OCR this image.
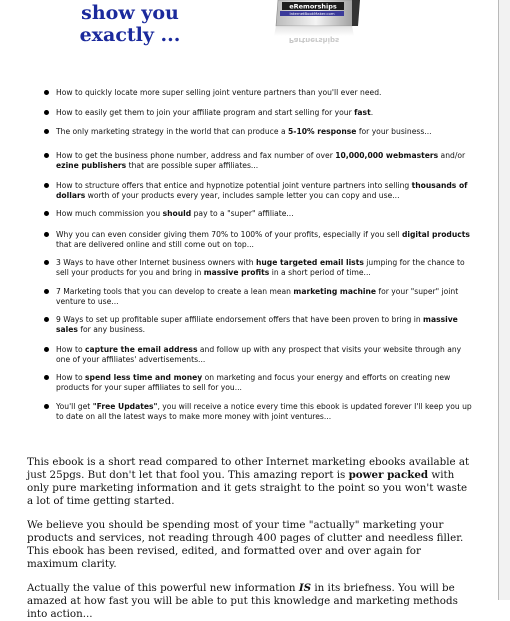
show you
exactly ...
eRemorships
InternetBookMaker.com
Partnerships
How to quickly locate more super selling joint venture partners than you'll ever need.
How to easily get them to join your affiliate program and start selling for your fast.
The only marketing strategy in the world that can produce a 5-10% response for your business...
How to get the business phone number, address and fax number of over 10,000,000 webmasters and/or ezine publishers that are possible super affiliates...
How to structure offers that entice and hypnotize potential joint venture partners into selling thousands of dollars worth of your products every year, includes sample letter you can copy and use...
How much commission you should pay to a "super" affiliate...
Why you can even consider giving them 70% to 100% of your profits, especially if you sell digital products that are delivered online and still come out on top...
3 Ways to have other Internet business owners with huge targeted email lists jumping for the chance to sell your products for you and bring in massive profits in a short period of time...
7 Marketing tools that you can develop to create a lean mean marketing machine for your "super" joint venture to use...
9 Ways to set up profitable super affiliate endorsement offers that have been proven to bring in massive sales for any business.
How to capture the email address and follow up with any prospect that visits your website through any one of your affiliates' advertisements...
How to spend less time and money on marketing and focus your energy and efforts on creating new products for your super affiliates to sell for you...
You'll get "Free Updates", you will receive a notice every time this ebook is updated forever I'll keep you up to date on all the latest ways to make more money with joint ventures...
This ebook is a short read compared to other Internet marketing ebooks available at just 25pgs. But don't let that fool you. This amazing report is power packed with only pure marketing information and it gets straight to the point so you won't waste a lot of time getting started.
We believe you should be spending most of your time "actually" marketing your products and services, not reading through 400 pages of clutter and needless filler. This ebook has been revised, edited, and formatted over and over again for maximum clarity.
Actually the value of this powerful new information IS in its briefness. You will be amazed at how fast you will be able to put this knowledge and marketing methods into action...
